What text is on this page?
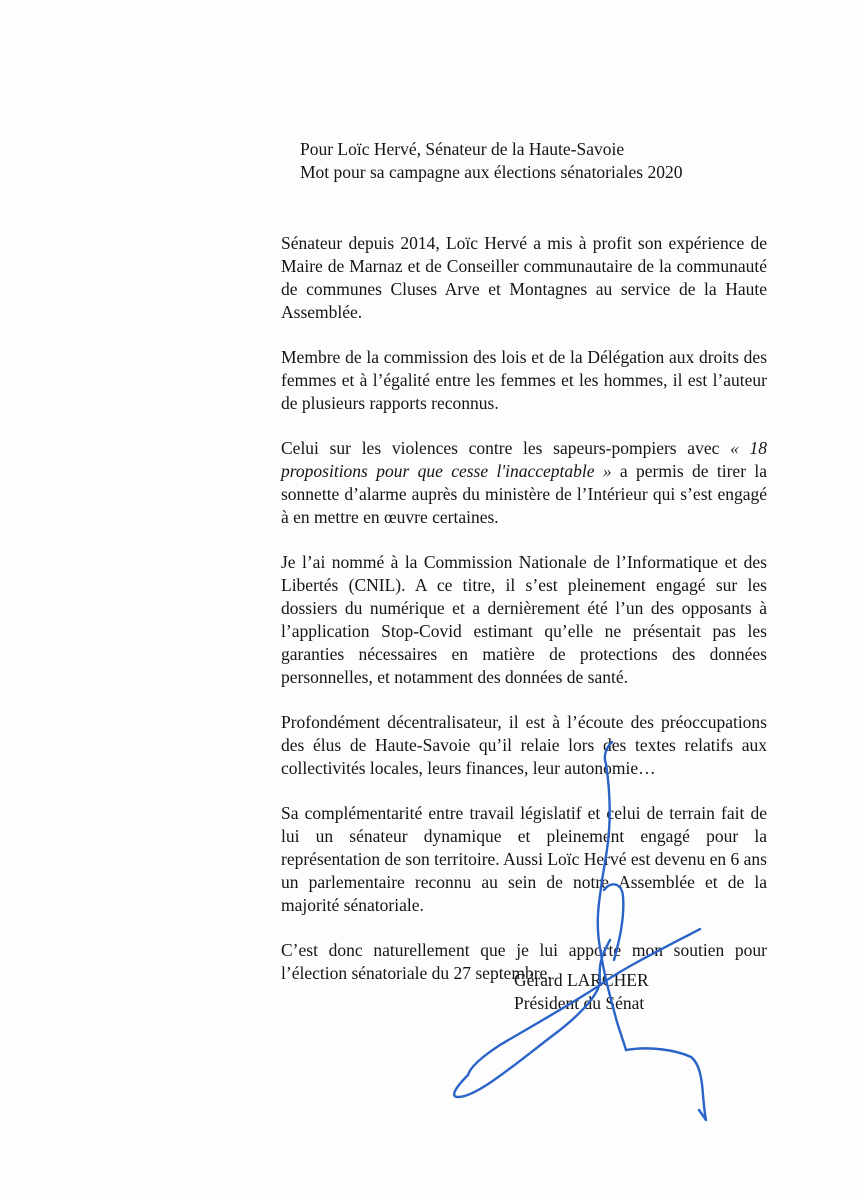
Pour Loïc Hervé, Sénateur de la Haute-Savoie
Mot pour sa campagne aux élections sénatoriales 2020

Sénateur depuis 2014, Loïc Hervé a mis à profit son expérience de Maire de Marnaz et de Conseiller communautaire de la communauté de communes Cluses Arve et Montagnes au service de la Haute Assemblée.

Membre de la commission des lois et de la Délégation aux droits des femmes et à l’égalité entre les femmes et les hommes, il est l’auteur de plusieurs rapports reconnus.

Celui sur les violences contre les sapeurs-pompiers avec « 18 propositions pour que cesse l'inacceptable » a permis de tirer la sonnette d’alarme auprès du ministère de l’Intérieur qui s’est engagé à en mettre en œuvre certaines.

Je l’ai nommé à la Commission Nationale de l’Informatique et des Libertés (CNIL). A ce titre, il s’est pleinement engagé sur les dossiers du numérique et a dernièrement été l’un des opposants à l’application Stop-Covid estimant qu’elle ne présentait pas les garanties nécessaires en matière de protections des données personnelles, et notamment des données de santé.

Profondément décentralisateur, il est à l’écoute des préoccupations des élus de Haute-Savoie qu’il relaie lors des textes relatifs aux collectivités locales, leurs finances, leur autonomie…

Sa complémentarité entre travail législatif et celui de terrain fait de lui un sénateur dynamique et pleinement engagé pour la représentation de son territoire. Aussi Loïc Hervé est devenu en 6 ans un parlementaire reconnu au sein de notre Assemblée et de la majorité sénatoriale.

C’est donc naturellement que je lui apporte mon soutien pour l’élection sénatoriale du 27 septembre.

Gérard LARCHER
Président du Sénat
